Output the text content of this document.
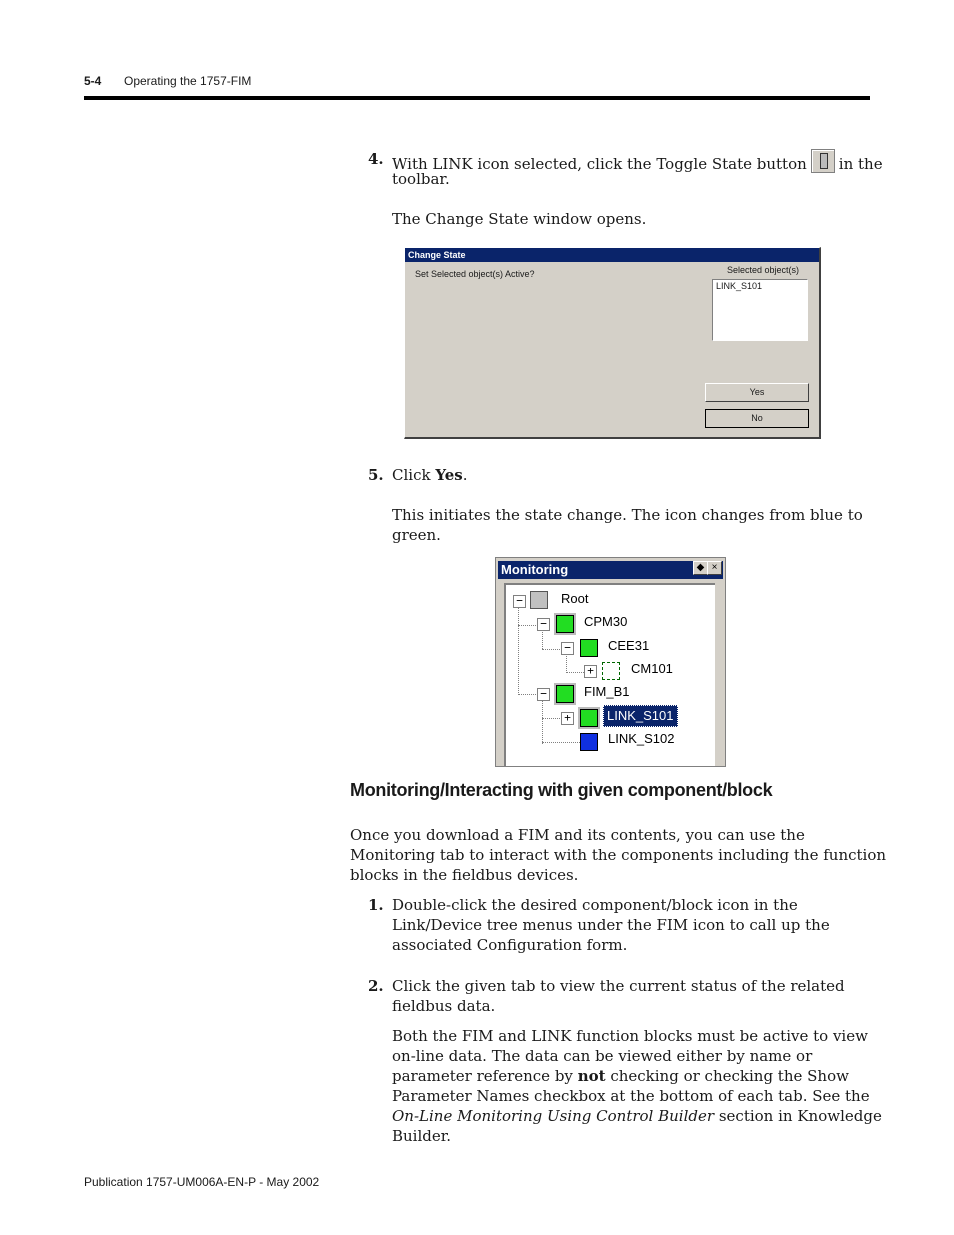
5-4 Operating the 1757-FIM
4. With LINK icon selected, click the Toggle State button in the
toolbar.
The Change State window opens.
Change State
Set Selected object(s) Active?	Selected object(s)
LINK_S101
Yes
No
5. Click Yes.
This initiates the state change. The icon changes from blue to
green.
Monitoring	◆ ×
−	Root
−	CPM30
−	CEE31
+	CM101
−	FIM_B1
+	LINK_S101
LINK_S102
Monitoring/Interacting with given component/block
Once you download a FIM and its contents, you can use the
Monitoring tab to interact with the components including the function
blocks in the fieldbus devices.
1. Double-click the desired component/block icon in the
Link/Device tree menus under the FIM icon to call up the
associated Configuration form.
2. Click the given tab to view the current status of the related
fieldbus data.
Both the FIM and LINK function blocks must be active to view
on-line data. The data can be viewed either by name or
parameter reference by not checking or checking the Show
Parameter Names checkbox at the bottom of each tab. See the
On-Line Monitoring Using Control Builder section in Knowledge
Builder.
Publication 1757-UM006A-EN-P - May 2002
